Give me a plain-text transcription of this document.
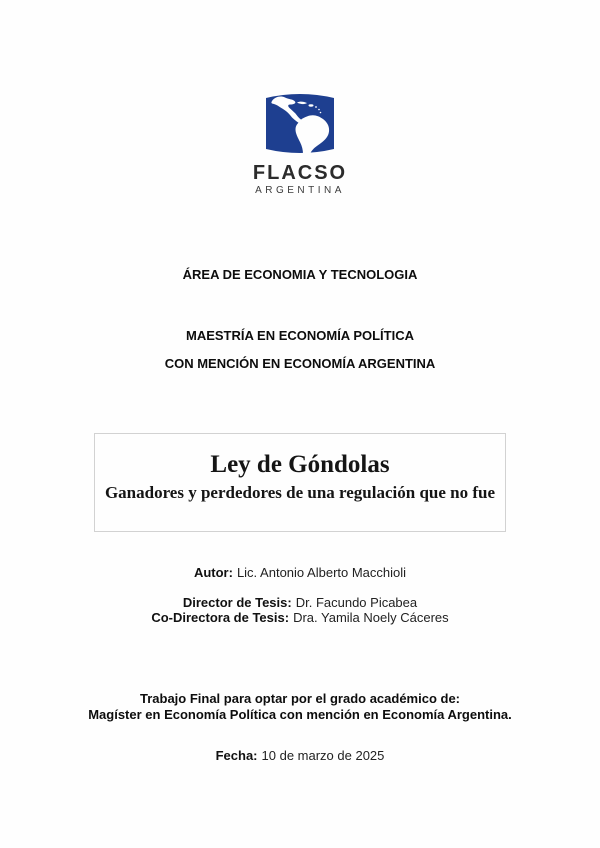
FLACSO
ARGENTINA
ÁREA DE ECONOMIA Y TECNOLOGIA
MAESTRÍA EN ECONOMÍA POLÍTICA
CON MENCIÓN EN ECONOMÍA ARGENTINA
Ley de Góndolas
Ganadores y perdedores de una regulación que no fue
Autor: Lic. Antonio Alberto Macchioli
Director de Tesis: Dr. Facundo Picabea
Co-Directora de Tesis: Dra. Yamila Noely Cáceres
Trabajo Final para optar por el grado académico de:
Magíster en Economía Política con mención en Economía Argentina.
Fecha: 10 de marzo de 2025
